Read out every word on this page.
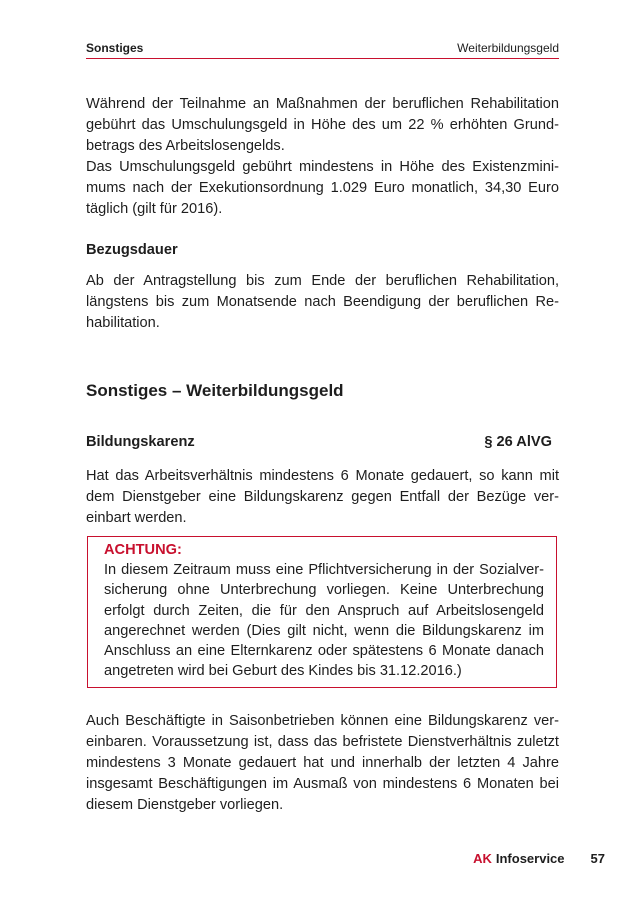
Sonstiges	Weiterbildungsgeld
Während der Teilnahme an Maßnahmen der beruflichen Rehabilitation gebührt das Umschulungsgeld in Höhe des um 22 % erhöhten Grundbetrags des Arbeitslosengelds.
Das Umschulungsgeld gebührt mindestens in Höhe des Existenzminimums nach der Exekutionsordnung 1.029 Euro monatlich, 34,30 Euro täglich (gilt für 2016).
Bezugsdauer
Ab der Antragstellung bis zum Ende der beruflichen Rehabilitation, längstens bis zum Monatsende nach Beendigung der beruflichen Rehabilitation.
Sonstiges – Weiterbildungsgeld
Bildungskarenz	§ 26 AlVG
Hat das Arbeitsverhältnis mindestens 6 Monate gedauert, so kann mit dem Dienstgeber eine Bildungskarenz gegen Entfall der Bezüge vereinbart werden.
ACHTUNG:
In diesem Zeitraum muss eine Pflichtversicherung in der Sozialversicherung ohne Unterbrechung vorliegen. Keine Unterbrechung erfolgt durch Zeiten, die für den Anspruch auf Arbeitslosengeld angerechnet werden (Dies gilt nicht, wenn die Bildungskarenz im Anschluss an eine Elternkarenz oder spätestens 6 Monate danach angetreten wird bei Geburt des Kindes bis 31.12.2016.)
Auch Beschäftigte in Saisonbetrieben können eine Bildungskarenz vereinbaren. Voraussetzung ist, dass das befristete Dienstverhältnis zuletzt mindestens 3 Monate gedauert hat und innerhalb der letzten 4 Jahre insgesamt Beschäftigungen im Ausmaß von mindestens 6 Monaten bei diesem Dienstgeber vorliegen.
AK Infoservice 57
